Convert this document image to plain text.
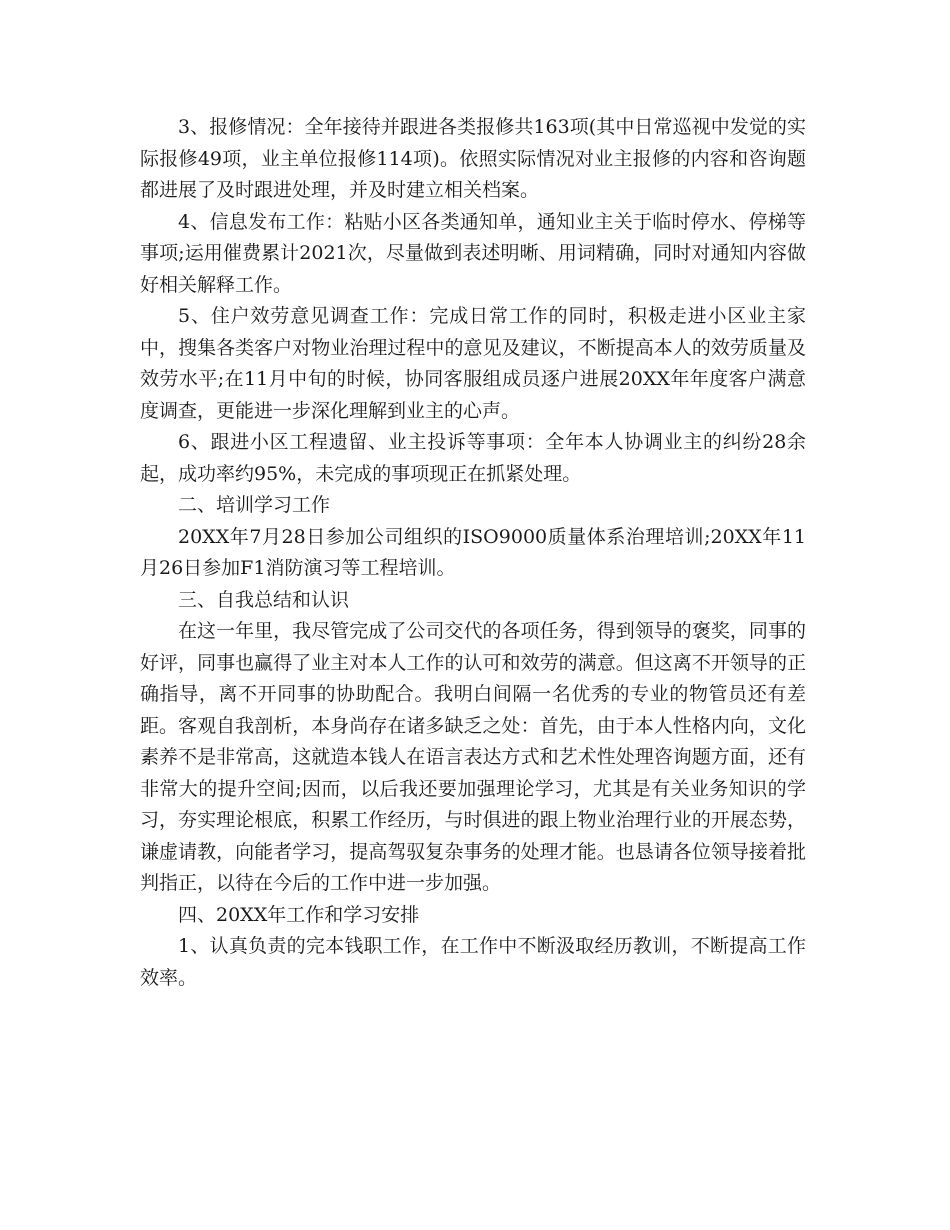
3、报修情况：全年接待并跟进各类报修共163项(其中日常巡视中发觉的实际报修49项，业主单位报修114项)。依照实际情况对业主报修的内容和咨询题都进展了及时跟进处理，并及时建立相关档案。

4、信息发布工作：粘贴小区各类通知单，通知业主关于临时停水、停梯等事项;运用催费累计2021次，尽量做到表述明晰、用词精确，同时对通知内容做好相关解释工作。

5、住户效劳意见调查工作：完成日常工作的同时，积极走进小区业主家中，搜集各类客户对物业治理过程中的意见及建议，不断提高本人的效劳质量及效劳水平;在11月中旬的时候，协同客服组成员逐户进展20XX年年度客户满意度调查，更能进一步深化理解到业主的心声。

6、跟进小区工程遗留、业主投诉等事项：全年本人协调业主的纠纷28余起，成功率约95%，未完成的事项现正在抓紧处理。

二、培训学习工作

20XX年7月28日参加公司组织的ISO9000质量体系治理培训;20XX年11月26日参加F1消防演习等工程培训。

三、自我总结和认识

在这一年里，我尽管完成了公司交代的各项任务，得到领导的褒奖，同事的好评，同事也赢得了业主对本人工作的认可和效劳的满意。但这离不开领导的正确指导，离不开同事的协助配合。我明白间隔一名优秀的专业的物管员还有差距。客观自我剖析，本身尚存在诸多缺乏之处：首先，由于本人性格内向，文化素养不是非常高，这就造本钱人在语言表达方式和艺术性处理咨询题方面，还有非常大的提升空间;因而，以后我还要加强理论学习，尤其是有关业务知识的学习，夯实理论根底，积累工作经历，与时俱进的跟上物业治理行业的开展态势，谦虚请教，向能者学习，提高驾驭复杂事务的处理才能。也恳请各位领导接着批判指正，以待在今后的工作中进一步加强。

四、20XX年工作和学习安排

1、认真负责的完本钱职工作，在工作中不断汲取经历教训，不断提高工作效率。
